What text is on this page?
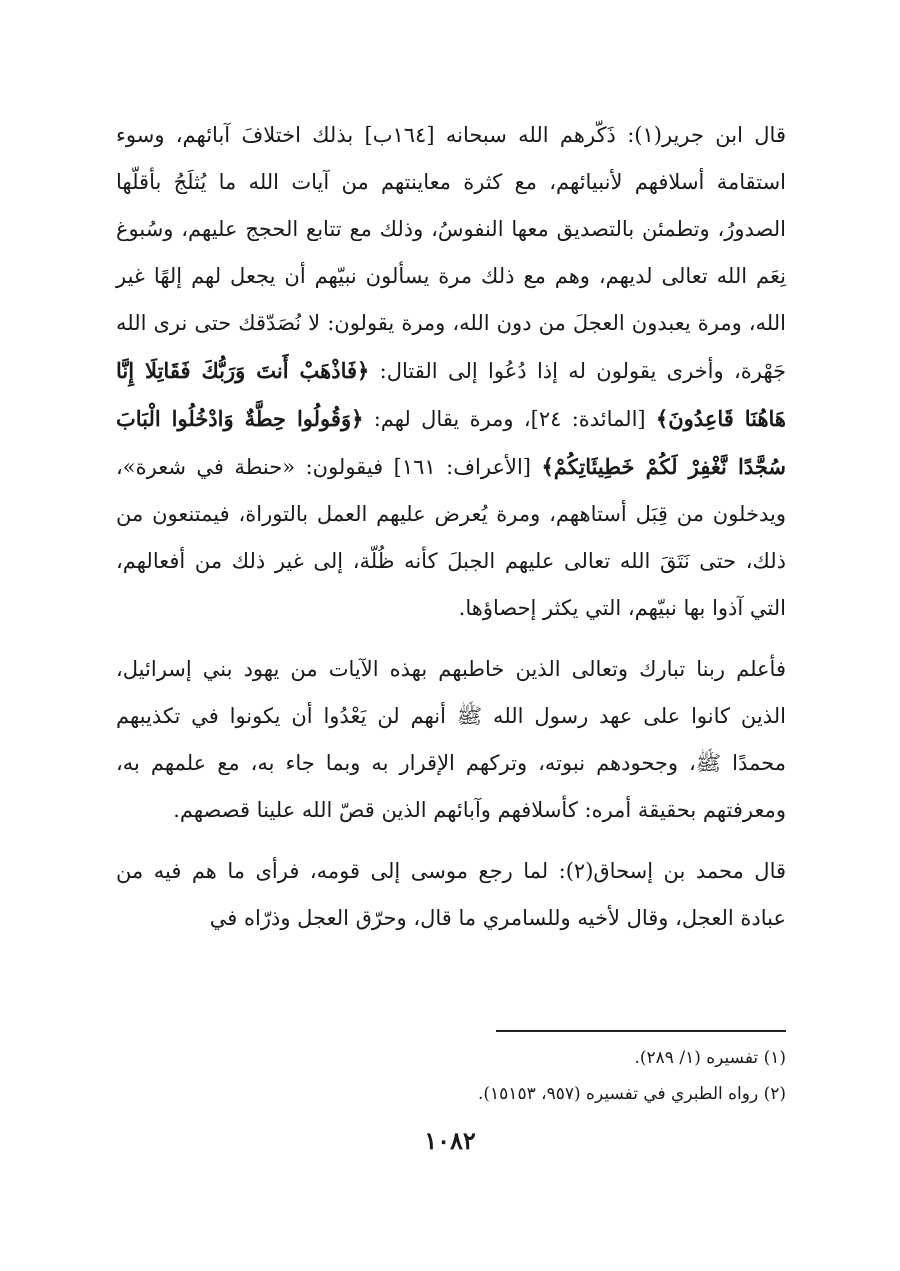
قال ابن جرير(١): ذَكّرهم الله سبحانه [١٦٤ب] بذلك اختلافَ آبائهم، وسوء استقامة أسلافهم لأنبيائهم، مع كثرة معاينتهم من آيات الله ما يُثلَجُ بأقلّها الصدورُ، وتطمئن بالتصديق معها النفوسُ، وذلك مع تتابع الحجج عليهم، وسُبوغ نِعَم الله تعالى لديهم، وهم مع ذلك مرة يسألون نبيّهم أن يجعل لهم إلهًا غير الله، ومرة يعبدون العجلَ من دون الله، ومرة يقولون: لا نُصَدّقك حتى نرى الله جَهْرة، وأخرى يقولون له إذا دُعُوا إلى القتال: ﴿فَاذْهَبْ أَنتَ وَرَبُّكَ فَقَاتِلَا إِنَّا هَاهُنَا قَاعِدُونَ﴾ [المائدة: ٢٤]، ومرة يقال لهم: ﴿وَقُولُوا حِطَّةٌ وَادْخُلُوا الْبَابَ سُجَّدًا نَّغْفِرْ لَكُمْ خَطِيئَاتِكُمْ﴾ [الأعراف: ١٦١] فيقولون: «حنطة في شعرة»، ويدخلون من قِبَل أستاههم، ومرة يُعرض عليهم العمل بالتوراة، فيمتنعون من ذلك، حتى نَتَقَ الله تعالى عليهم الجبلَ كأنه ظُلّة، إلى غير ذلك من أفعالهم، التي آذوا بها نبيّهم، التي يكثر إحصاؤها.

فأعلم ربنا تبارك وتعالى الذين خاطبهم بهذه الآيات من يهود بني إسرائيل، الذين كانوا على عهد رسول الله ﷺ أنهم لن يَعْدُوا أن يكونوا في تكذيبهم محمدًا ﷺ، وجحودهم نبوته، وتركهم الإقرار به وبما جاء به، مع علمهم به، ومعرفتهم بحقيقة أمره: كأسلافهم وآبائهم الذين قصّ الله علينا قصصهم.

قال محمد بن إسحاق(٢): لما رجع موسى إلى قومه، فرأى ما هم فيه من عبادة العجل، وقال لأخيه وللسامري ما قال، وحرّق العجل وذرّاه في

(١) تفسيره (١/ ٢٨٩).

(٢) رواه الطبري في تفسيره (٩٥٧، ١٥١٥٣).

١٠٨٢
